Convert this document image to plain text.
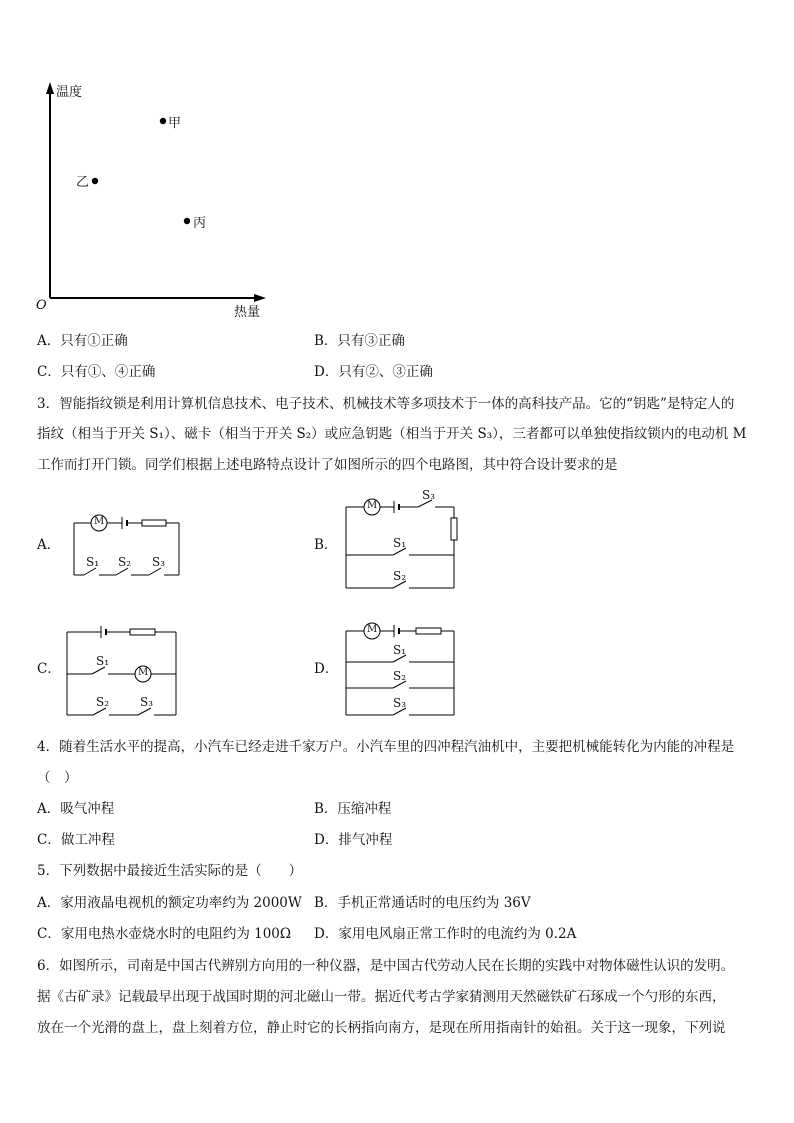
温度
热量
O
甲
乙
丙
A．只有①正确	B．只有③正确
C．只有①、④正确	D．只有②、③正确
3．智能指纹锁是利用计算机信息技术、电子技术、机械技术等多项技术于一体的高科技产品。它的“钥匙”是特定人的
指纹（相当于开关 S₁）、磁卡（相当于开关 S₂）或应急钥匙（相当于开关 S₃），三者都可以单独使指纹锁内的电动机 M
工作而打开门锁。同学们根据上述电路特点设计了如图所示的四个电路图，其中符合设计要求的是
A．
M
S₁ S₂ S₃
B．
M
S₃
S₁
S₂
C．	S₁
M
S₂	S₃
D．
M
S₁
S₂
S₃
4．随着生活水平的提高，小汽车已经走进千家万户。小汽车里的四冲程汽油机中，主要把机械能转化为内能的冲程是
（　）
A．吸气冲程	B．压缩冲程
C．做工冲程	D．排气冲程
5．下列数据中最接近生活实际的是（　　）
A．家用液晶电视机的额定功率约为 2000W B．手机正常通话时的电压约为 36V
C．家用电热水壶烧水时的电阻约为 100Ω D．家用电风扇正常工作时的电流约为 0.2A
6．如图所示，司南是中国古代辨别方向用的一种仪器，是中国古代劳动人民在长期的实践中对物体磁性认识的发明。
据《古矿录》记载最早出现于战国时期的河北磁山一带。据近代考古学家猜测用天然磁铁矿石琢成一个勺形的东西，
放在一个光滑的盘上，盘上刻着方位，静止时它的长柄指向南方，是现在所用指南针的始祖。关于这一现象，下列说
